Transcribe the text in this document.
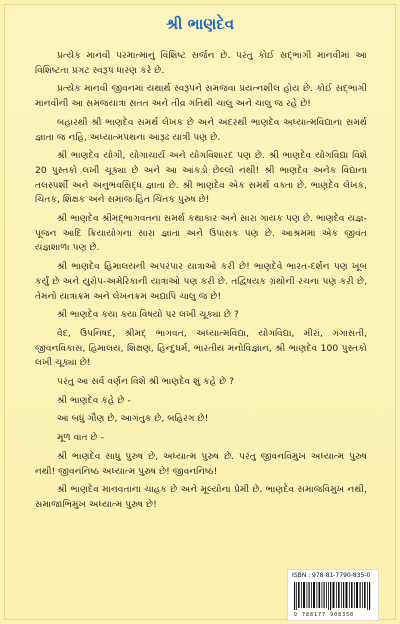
શ્રી ભાણદેવ

પ્રત્યેક માનવી પરમાત્માનું વિશિષ્ટ સર્જન છે. પરંતુ કોઈ સદ્ભાગી માનવીમાં આ વિશિષ્ટતા પ્રગટ સ્વરૂપ ધારણ કરે છે.

પ્રત્યેક માનવી જીવનમાં યથાર્થ સ્વરૂપને સમજવા પ્રયત્નશીલ હોય છે. કોઈ સદ્ભાગી માનવીની આ સમજયાત્રા સતત અને તીવ્ર ગતિથી ચાલુ અને ચાલુ જ રહે છે!

બહારથી શ્રી ભાણદેવ સમર્થ લેખક છે અને અંદરથી ભાણદેવ અધ્યાત્મવિદ્યાના સમર્થ જ્ઞાતા જ નહિ, અધ્યાત્મપથના આરૂઢ યાત્રી પણ છે.

શ્રી ભાણદેવ યોગી, યોગાચાર્ય અને યોગવિશારદ પણ છે. શ્રી ભાણદેવ યોગવિદ્યા વિશે 20 પુસ્તકો લખી ચૂક્યા છે અને આ આંકડો છેલ્લો નથી! શ્રી ભાણદેવ અનેક વિદ્યાના તલસ્પર્શી અને અનુભવસિદ્ધ જ્ઞાતા છે. શ્રી ભાણદેવ એક સમર્થ વક્તા છે. ભાણદેવ લેખક, ચિંતક, શિક્ષક અને સમાજ હિત ચિંતક પુરુષ છે!

શ્રી ભાણદેવ શ્રીમદ્ભાગવતના સમર્થ કથાકાર અને સારા ગાયક પણ છે. ભાણદેવ યજ્ઞ-પૂજન આદિ ક્રિયાયોગના સારા જ્ઞાતા અને ઉપાસક પણ છે. આશ્રમમાં એક જીવંત યજ્ઞશાળા પણ છે.

શ્રી ભાણદેવ હિમાલયની અપરંપાર યાત્રાઓ કરી છે! ભાણદેવે ભારત-દર્શન પણ ખૂબ કર્યું છે અને યુરોપ-અમેરિકાની યાત્રાઓ પણ કરી છે. તદ્વિષયક ગ્રંથોની રચના પણ કરી છે, તેમનો યાત્રાક્રમ અને લેખનક્રમ અદ્યાપિ ચાલુ જ છે!

શ્રી ભાણદેવ કયા કયા વિષયો પર લખી ચૂક્યા છે ?

વેદ, ઉપનિષદ, શ્રીમદ્ ભાગવત, અધ્યાત્મવિદ્યા, યોગવિદ્યા, મીરાં, ગંગાસતી, જીવનવિકાસ, હિમાલય, શિક્ષણ, હિન્દુધર્મ, ભારતીય મનોવિજ્ઞાન, શ્રી ભાણદેવ 100 પુસ્તકો લખી ચૂક્યા છે!

પરંતુ આ સર્વ વર્ણન વિશે શ્રી ભાણદેવ શું કહે છે ?

શ્રી ભાણદેવ કહે છે -

આ બધું ગૌણ છે, આગંતુક છે, બહિરંગ છે!

મૂળ વાત છે -

શ્રી ભાણદેવ સાધુ પુરુષ છે, અધ્યાત્મ પુરુષ છે. પરંતુ જીવનવિમુખ અધ્યાત્મ પુરુષ નથી! જીવનનિષ્ઠ અધ્યાત્મ પુરુષ છે! જીવનનિષ્ઠ!

શ્રી ભાણદેવ માનવતાના ચાહક છે અને મૂલ્યોના પ્રેમી છે. ભાણદેવ સમાજવિમુખ નથી, સમાજાભિમુખ અધ્યાત્મ પુરુષ છે!

ISBN : 978-81-7790-835-0
9 788177 908350
